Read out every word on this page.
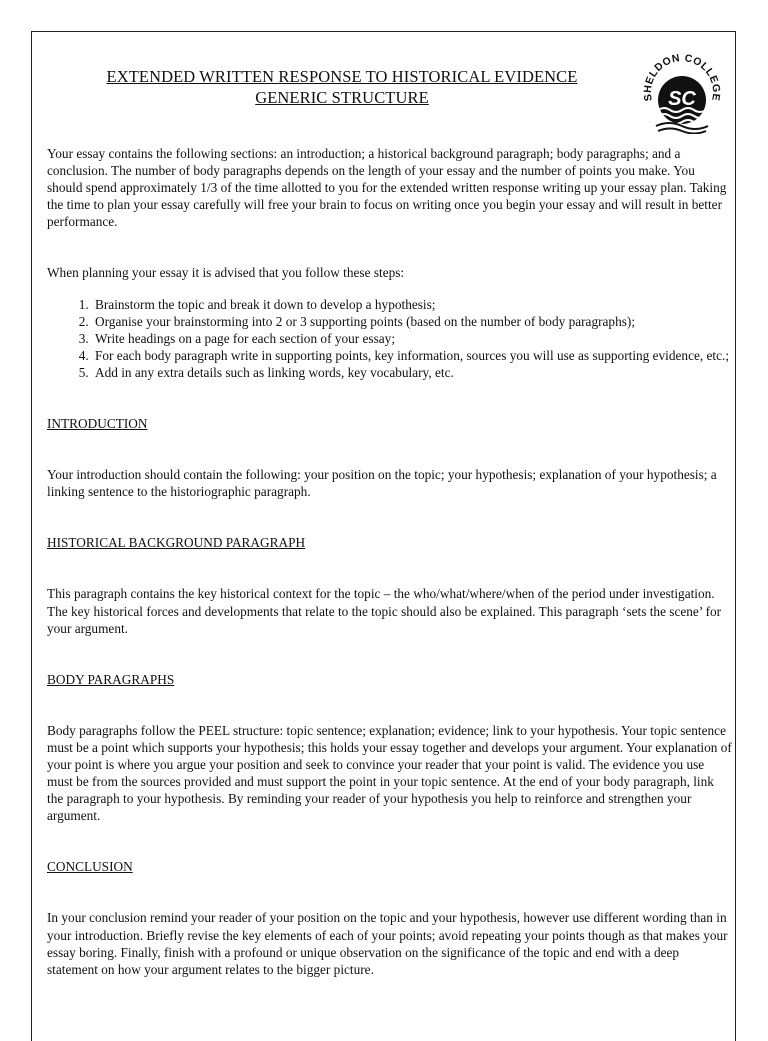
EXTENDED WRITTEN RESPONSE TO HISTORICAL EVIDENCE
GENERIC STRUCTURE	SHELDON COLLEGE
SC

Your essay contains the following sections: an introduction; a historical background paragraph; body paragraphs; and a conclusion. The number of body paragraphs depends on the length of your essay and the number of points you make. You should spend approximately 1/3 of the time allotted to you for the extended written response writing up your essay plan. Taking the time to plan your essay carefully will free your brain to focus on writing once you begin your essay and will result in better performance.

When planning your essay it is advised that you follow these steps:

1. Brainstorm the topic and break it down to develop a hypothesis;
2. Organise your brainstorming into 2 or 3 supporting points (based on the number of body paragraphs);
3. Write headings on a page for each section of your essay;
4. For each body paragraph write in supporting points, key information, sources you will use as supporting evidence, etc.;
5. Add in any extra details such as linking words, key vocabulary, etc.

INTRODUCTION

Your introduction should contain the following: your position on the topic; your hypothesis; explanation of your hypothesis; a linking sentence to the historiographic paragraph.

HISTORICAL BACKGROUND PARAGRAPH

This paragraph contains the key historical context for the topic – the who/what/where/when of the period under investigation. The key historical forces and developments that relate to the topic should also be explained. This paragraph ‘sets the scene’ for your argument.

BODY PARAGRAPHS

Body paragraphs follow the PEEL structure: topic sentence; explanation; evidence; link to your hypothesis. Your topic sentence must be a point which supports your hypothesis; this holds your essay together and develops your argument. Your explanation of your point is where you argue your position and seek to convince your reader that your point is valid. The evidence you use must be from the sources provided and must support the point in your topic sentence. At the end of your body paragraph, link the paragraph to your hypothesis. By reminding your reader of your hypothesis you help to reinforce and strengthen your argument.

CONCLUSION

In your conclusion remind your reader of your position on the topic and your hypothesis, however use different wording than in your introduction. Briefly revise the key elements of each of your points; avoid repeating your points though as that makes your essay boring. Finally, finish with a profound or unique observation on the significance of the topic and end with a deep statement on how your argument relates to the bigger picture.
